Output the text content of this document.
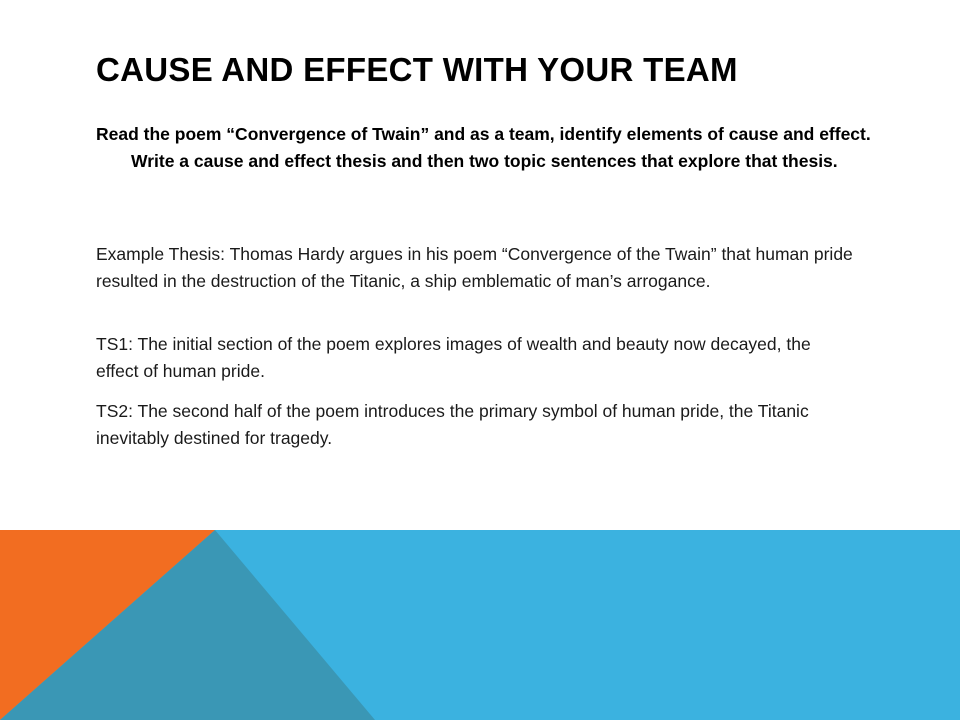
CAUSE AND EFFECT WITH YOUR TEAM

Read the poem “Convergence of Twain” and as a team, identify elements of cause and effect. Write a cause and effect thesis and then two topic sentences that explore that thesis.

Example Thesis: Thomas Hardy argues in his poem “Convergence of the Twain” that human pride resulted in the destruction of the Titanic, a ship emblematic of man’s arrogance.

TS1: The initial section of the poem explores images of wealth and beauty now decayed, the effect of human pride.

TS2: The second half of the poem introduces the primary symbol of human pride, the Titanic inevitably destined for tragedy.
